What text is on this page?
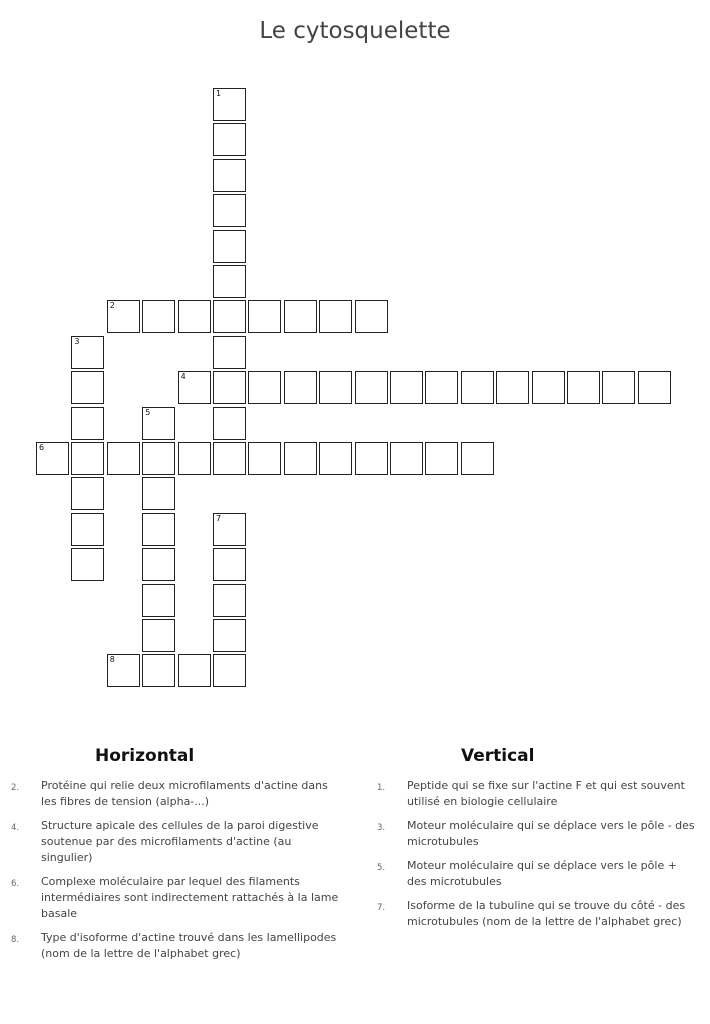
Le cytosquelette
1
2
3
4
5
6
7
8
Horizontal	Vertical
2. Protéine qui relie deux microfilaments d'actine dans les fibres de tension (alpha-...)
4. Structure apicale des cellules de la paroi digestive soutenue par des microfilaments d'actine (au singulier)
6. Complexe moléculaire par lequel des filaments intermédiaires sont indirectement rattachés à la lame basale
8. Type d'isoforme d'actine trouvé dans les lamellipodes (nom de la lettre de l'alphabet grec)
1. Peptide qui se fixe sur l'actine F et qui est souvent utilisé en biologie cellulaire
3. Moteur moléculaire qui se déplace vers le pôle - des microtubules
5. Moteur moléculaire qui se déplace vers le pôle + des microtubules
7. Isoforme de la tubuline qui se trouve du côté - des microtubules (nom de la lettre de l'alphabet grec)
